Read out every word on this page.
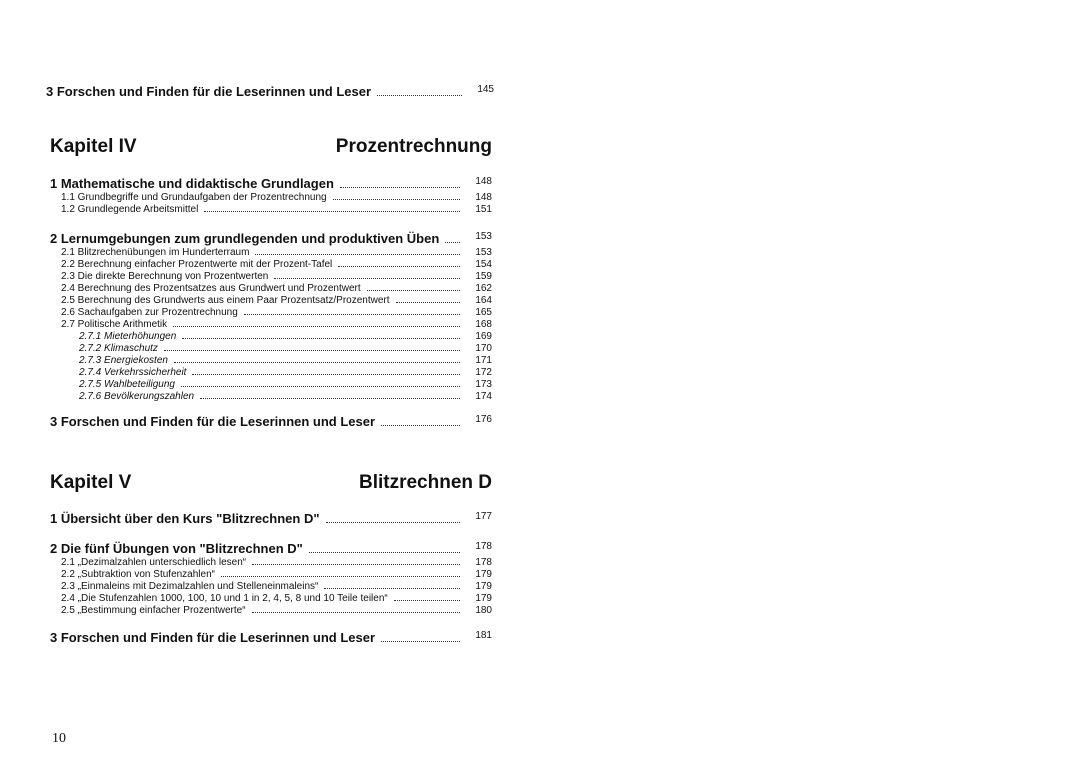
3 Forschen und Finden für die Leserinnen und Leser	145
Kapitel IV	Prozentrechnung
1 Mathematische und didaktische Grundlagen	148
1.1 Grundbegriffe und Grundaufgaben der Prozentrechnung	148
1.2 Grundlegende Arbeitsmittel	151
2 Lernumgebungen zum grundlegenden und produktiven Üben	153
2.1 Blitzrechenübungen im Hunderterraum	153
2.2 Berechnung einfacher Prozentwerte mit der Prozent-Tafel	154
2.3 Die direkte Berechnung von Prozentwerten	159
2.4 Berechnung des Prozentsatzes aus Grundwert und Prozentwert	162
2.5 Berechnung des Grundwerts aus einem Paar Prozentsatz/Prozentwert	164
2.6 Sachaufgaben zur Prozentrechnung	165
2.7 Politische Arithmetik	168
2.7.1 Mieterhöhungen	169
2.7.2 Klimaschutz	170
2.7.3 Energiekosten	171
2.7.4 Verkehrssicherheit	172
2.7.5 Wahlbeteiligung	173
2.7.6 Bevölkerungszahlen	174
3 Forschen und Finden für die Leserinnen und Leser	176
Kapitel V	Blitzrechnen D
1 Übersicht über den Kurs "Blitzrechnen D"	177
2 Die fünf Übungen von "Blitzrechnen D"	178
2.1 „Dezimalzahlen unterschiedlich lesen“	178
2.2 „Subtraktion von Stufenzahlen“	179
2.3 „Einmaleins mit Dezimalzahlen und Stelleneinmaleins“	179
2.4 „Die Stufenzahlen 1000, 100, 10 und 1 in 2, 4, 5, 8 und 10 Teile teilen“	179
2.5 „Bestimmung einfacher Prozentwerte“	180
3 Forschen und Finden für die Leserinnen und Leser	181
10
